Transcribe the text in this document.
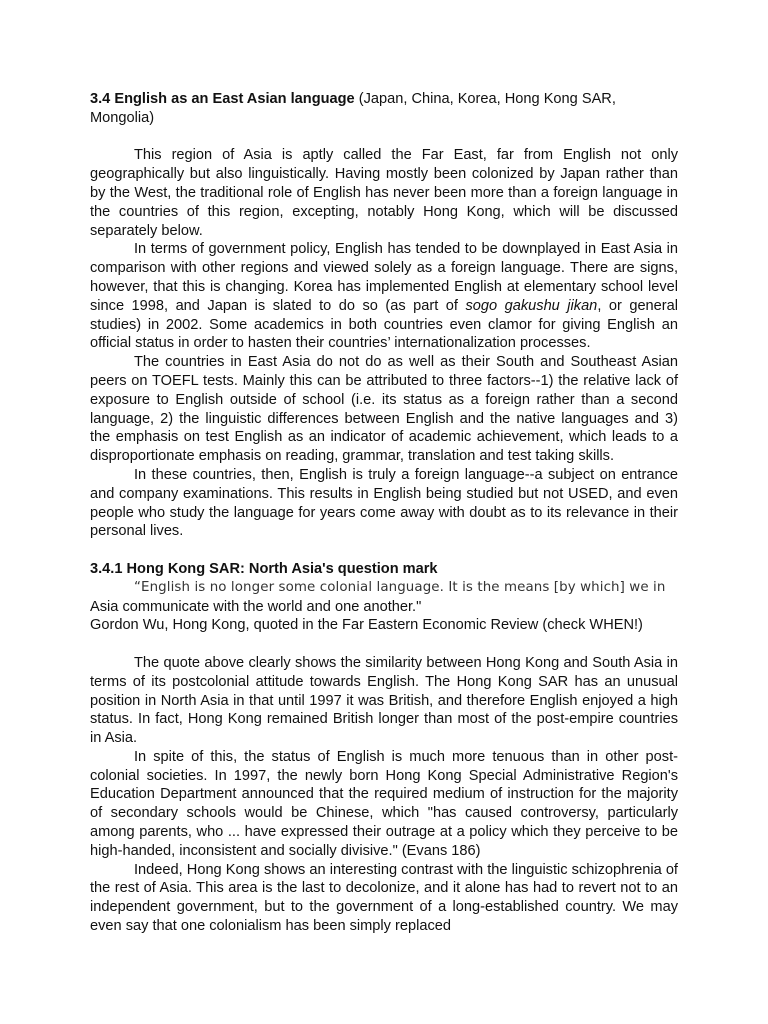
3.4 English as an East Asian language (Japan, China, Korea, Hong Kong SAR, Mongolia)

This region of Asia is aptly called the Far East, far from English not only geographically but also linguistically. Having mostly been colonized by Japan rather than by the West, the traditional role of English has never been more than a foreign language in the countries of this region, excepting, notably Hong Kong, which will be discussed separately below.

In terms of government policy, English has tended to be downplayed in East Asia in comparison with other regions and viewed solely as a foreign language. There are signs, however, that this is changing. Korea has implemented English at elementary school level since 1998, and Japan is slated to do so (as part of sogo gakushu jikan, or general studies) in 2002. Some academics in both countries even clamor for giving English an official status in order to hasten their countries’ internationalization processes.

The countries in East Asia do not do as well as their South and Southeast Asian peers on TOEFL tests. Mainly this can be attributed to three factors--1) the relative lack of exposure to English outside of school (i.e. its status as a foreign rather than a second language, 2) the linguistic differences between English and the native languages and 3) the emphasis on test English as an indicator of academic achievement, which leads to a disproportionate emphasis on reading, grammar, translation and test taking skills.

In these countries, then, English is truly a foreign language--a subject on entrance and company examinations. This results in English being studied but not USED, and even people who study the language for years come away with doubt as to its relevance in their personal lives.

3.4.1 Hong Kong SAR: North Asia's question mark

“English is no longer some colonial language. It is the means [by which] we in

Asia communicate with the world and one another."

Gordon Wu, Hong Kong, quoted in the Far Eastern Economic Review (check WHEN!)

The quote above clearly shows the similarity between Hong Kong and South Asia in terms of its postcolonial attitude towards English. The Hong Kong SAR has an unusual position in North Asia in that until 1997 it was British, and therefore English enjoyed a high status. In fact, Hong Kong remained British longer than most of the post-empire countries in Asia.

In spite of this, the status of English is much more tenuous than in other post-colonial societies. In 1997, the newly born Hong Kong Special Administrative Region's Education Department announced that the required medium of instruction for the majority of secondary schools would be Chinese, which "has caused controversy, particularly among parents, who ... have expressed their outrage at a policy which they perceive to be high-handed, inconsistent and socially divisive." (Evans 186)

Indeed, Hong Kong shows an interesting contrast with the linguistic schizophrenia of the rest of Asia. This area is the last to decolonize, and it alone has had to revert not to an independent government, but to the government of a long-established country. We may even say that one colonialism has been simply replaced
